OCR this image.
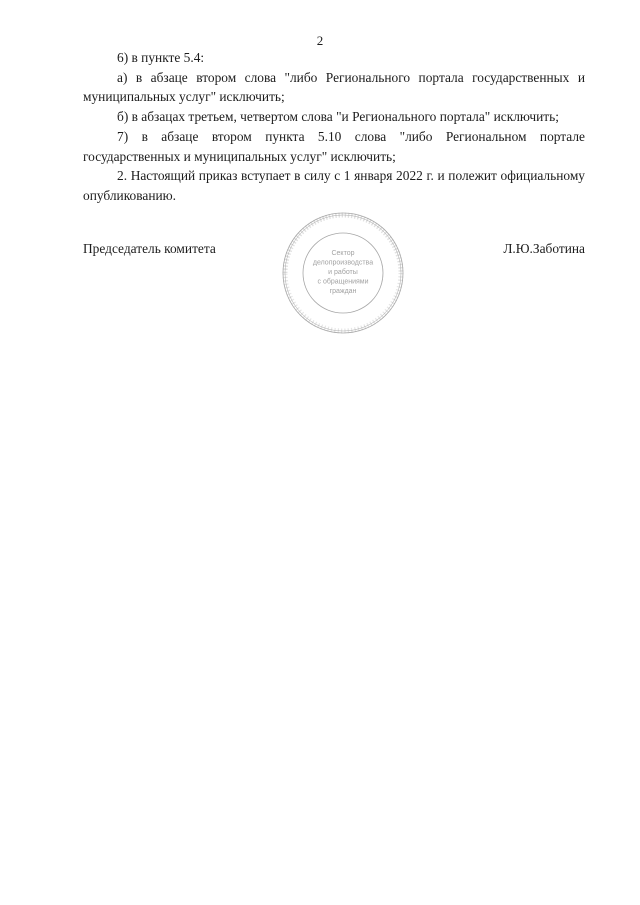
2

6) в пункте 5.4:

а) в абзаце втором слова "либо Регионального портала государственных и муниципальных услуг" исключить;

б) в абзацах третьем, четвертом слова "и Регионального портала" исключить;

7) в абзаце втором пункта 5.10 слова "либо Региональном портале государственных и муниципальных услуг" исключить;

2. Настоящий приказ вступает в силу с 1 января 2022 г. и полежит официальному опубликованию.

Председатель комитета	Л.Ю.Заботина
Сектор
делопроизводства
и работы
с обращениями
граждан
